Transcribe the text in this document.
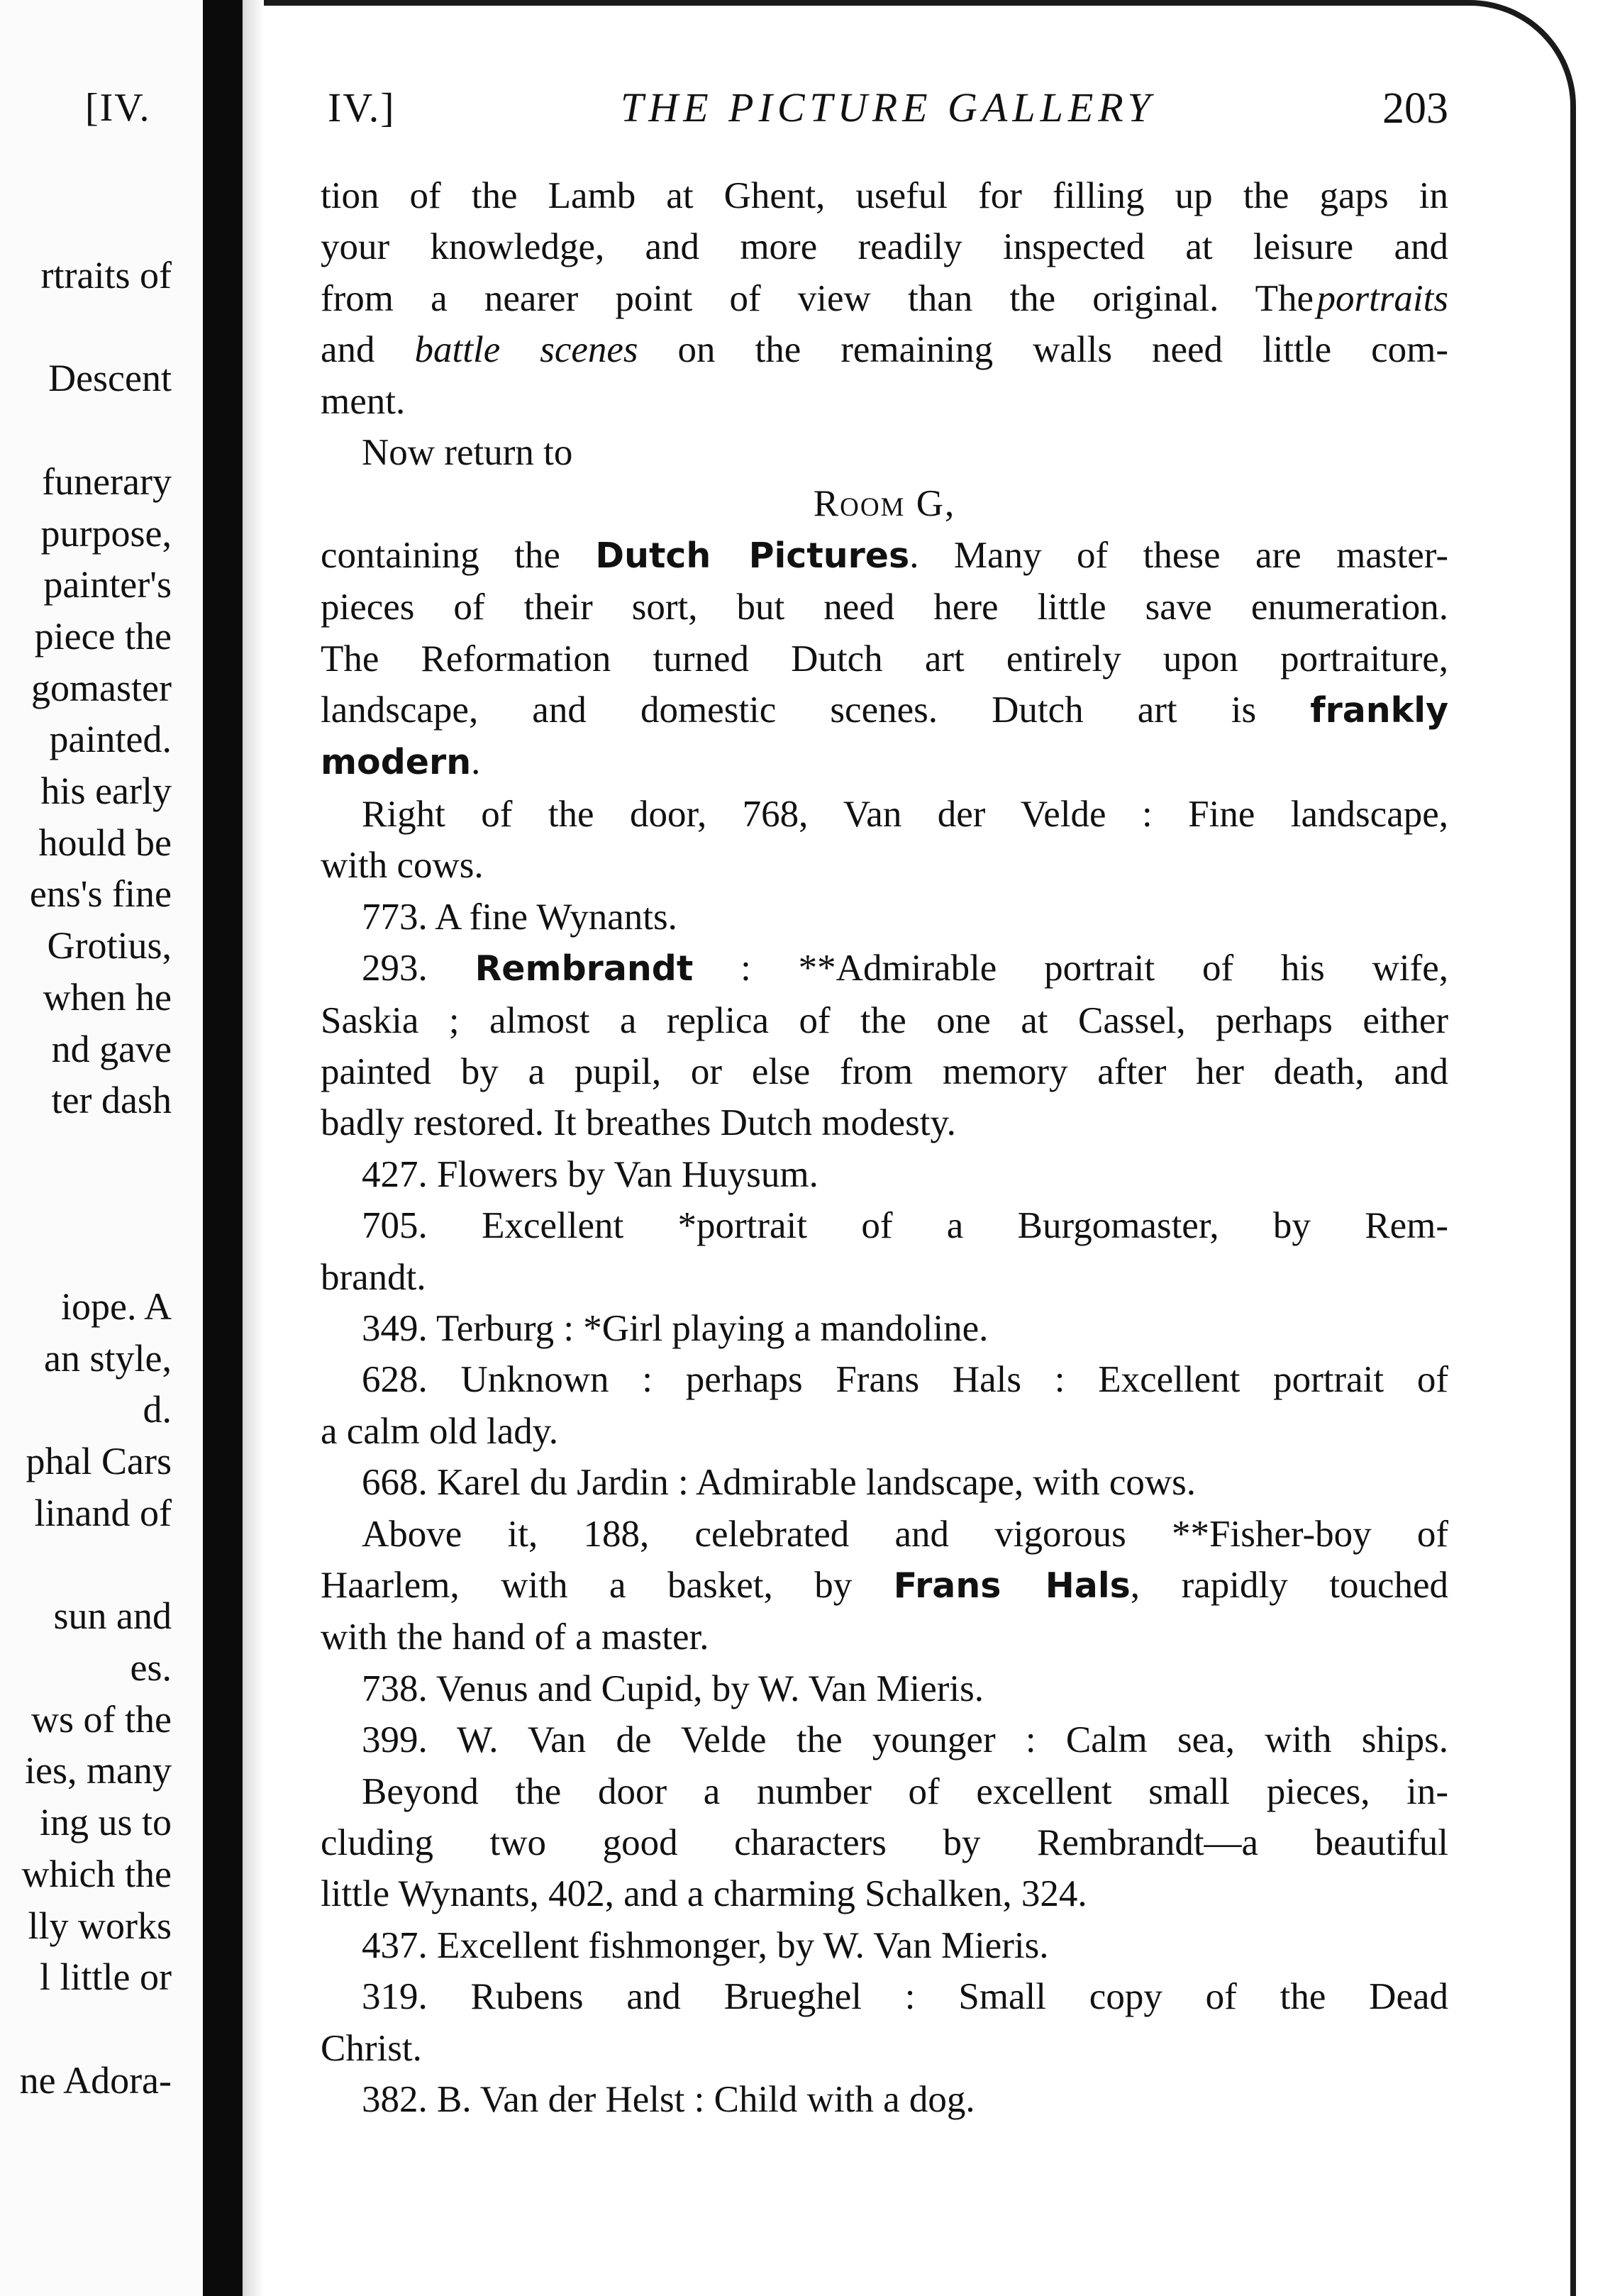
[IV.
rtraits of

Descent

funerary
purpose,
painter's
piece the
gomaster
painted.
his early
hould be
ens's fine
Grotius,
when he
nd gave
ter dash

iope. A
an style,
d.
phal Cars
linand of

sun and
es.
ws of the
ies, many
ing us to
which the
lly works
l little or

ne Adora-
IV.]	THE PICTURE GALLERY	203
tion of the Lamb at Ghent, useful for filling up the gaps in
your knowledge, and more readily inspected at leisure and
from a nearer point of view than the original. The portraits
and battle scenes on the remaining walls need little com-
ment.
Now return to
Room G,
containing the Dutch Pictures. Many of these are master-
pieces of their sort, but need here little save enumeration.
The Reformation turned Dutch art entirely upon portraiture,
landscape, and domestic scenes. Dutch art is frankly
modern.
Right of the door, 768, Van der Velde : Fine landscape,
with cows.
773. A fine Wynants.
293. Rembrandt : **Admirable portrait of his wife,
Saskia ; almost a replica of the one at Cassel, perhaps either
painted by a pupil, or else from memory after her death, and
badly restored. It breathes Dutch modesty.
427. Flowers by Van Huysum.
705. Excellent *portrait of a Burgomaster, by Rem-
brandt.
349. Terburg : *Girl playing a mandoline.
628. Unknown : perhaps Frans Hals : Excellent portrait of
a calm old lady.
668. Karel du Jardin : Admirable landscape, with cows.
Above it, 188, celebrated and vigorous **Fisher-boy of
Haarlem, with a basket, by Frans Hals, rapidly touched
with the hand of a master.
738. Venus and Cupid, by W. Van Mieris.
399. W. Van de Velde the younger : Calm sea, with ships.
Beyond the door a number of excellent small pieces, in-
cluding two good characters by Rembrandt—a beautiful
little Wynants, 402, and a charming Schalken, 324.
437. Excellent fishmonger, by W. Van Mieris.
319. Rubens and Brueghel : Small copy of the Dead
Christ.
382. B. Van der Helst : Child with a dog.
